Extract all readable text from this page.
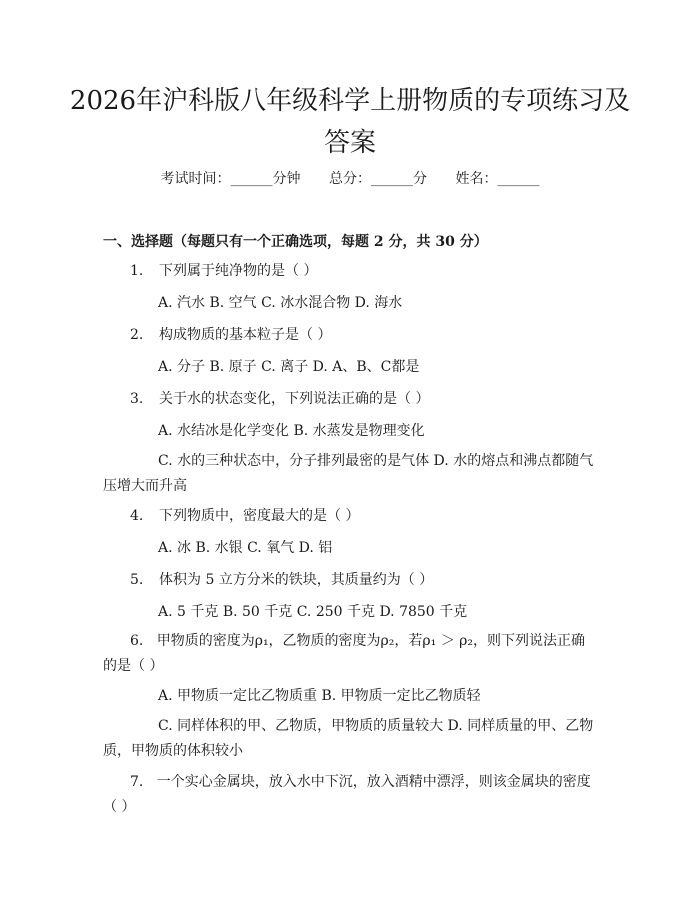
2026年沪科版八年级科学上册物质的专项练习及答案
考试时间：______分钟 总分：______分 姓名：______
一、选择题（每题只有一个正确选项，每题 2 分，共 30 分）
1. 下列属于纯净物的是（ ）
A. 汽水 B. 空气 C. 冰水混合物 D. 海水
2. 构成物质的基本粒子是（ ）
A. 分子 B. 原子 C. 离子 D. A、B、C都是
3. 关于水的状态变化，下列说法正确的是（ ）
A. 水结冰是化学变化 B. 水蒸发是物理变化
C. 水的三种状态中，分子排列最密的是气体 D. 水的熔点和沸点都随气压增大而升高
4. 下列物质中，密度最大的是（ ）
A. 冰 B. 水银 C. 氧气 D. 铝
5. 体积为 5 立方分米的铁块，其质量约为（ ）
A. 5 千克 B. 50 千克 C. 250 千克 D. 7850 千克
6. 甲物质的密度为ρ₁，乙物质的密度为ρ₂，若ρ₁ ＞ ρ₂，则下列说法正确的是（ ）
A. 甲物质一定比乙物质重 B. 甲物质一定比乙物质轻
C. 同样体积的甲、乙物质，甲物质的质量较大 D. 同样质量的甲、乙物质，甲物质的体积较小
7. 一个实心金属块，放入水中下沉，放入酒精中漂浮，则该金属块的密度（ ）
